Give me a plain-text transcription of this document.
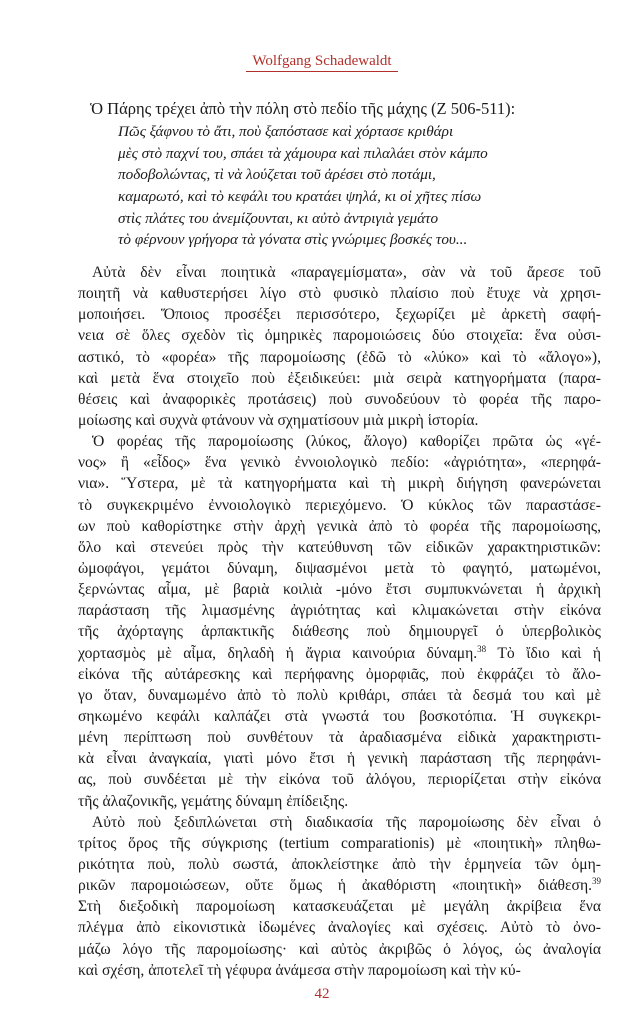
Wolfgang Schadewaldt
Ὁ Πάρης τρέχει ἀπὸ τὴν πόλη στὸ πεδίο τῆς μάχης (Ζ 506-511):
Πῶς ξάφνου τὸ ἄτι, ποὺ ξαπόστασε καὶ χόρτασε κριθάρι
μὲς στὸ παχνί του, σπάει τὰ χάμουρα καὶ πιλαλάει στὸν κάμπο
ποδοβολώντας, τὶ νὰ λούζεται τοῦ ἀρέσει στὸ ποτάμι,
καμαρωτό, καὶ τὸ κεφάλι του κρατάει ψηλά, κι οἱ χῆτες πίσω
στὶς πλάτες του ἀνεμίζουνται, κι αὐτὸ ἀντριγιὰ γεμάτο
τὸ φέρνουν γρήγορα τὰ γόνατα στὶς γνώριμες βοσκές του...
Αὐτὰ δὲν εἶναι ποιητικὰ «παραγεμίσματα», σὰν νὰ τοῦ ἄρεσε τοῦ
ποιητῆ νὰ καθυστερήσει λίγο στὸ φυσικὸ πλαίσιο ποὺ ἔτυχε νὰ χρησι-
μοποιήσει. Ὅποιος προσέξει περισσότερο, ξεχωρίζει μὲ ἀρκετὴ σαφή-
νεια σὲ ὅλες σχεδὸν τὶς ὁμηρικὲς παρομοιώσεις δύο στοιχεῖα: ἕνα οὐσι-
αστικό, τὸ «φορέα» τῆς παρομοίωσης (ἐδῶ τὸ «λύκο» καὶ τὸ «ἄλογο»),
καὶ μετὰ ἕνα στοιχεῖο ποὺ ἐξειδικεύει: μιὰ σειρὰ κατηγορήματα (παρα-
θέσεις καὶ ἀναφορικὲς προτάσεις) ποὺ συνοδεύουν τὸ φορέα τῆς παρο-
μοίωσης καὶ συχνὰ φτάνουν νὰ σχηματίσουν μιὰ μικρὴ ἱστορία.
Ὁ φορέας τῆς παρομοίωσης (λύκος, ἄλογο) καθορίζει πρῶτα ὡς «γέ-
νος» ἢ «εἶδος» ἕνα γενικὸ ἐννοιολογικὸ πεδίο: «ἀγριότητα», «περηφά-
νια». Ὕστερα, μὲ τὰ κατηγορήματα καὶ τὴ μικρὴ διήγηση φανερώνεται
τὸ συγκεκριμένο ἐννοιολογικὸ περιεχόμενο. Ὁ κύκλος τῶν παραστάσε-
ων ποὺ καθορίστηκε στὴν ἀρχὴ γενικὰ ἀπὸ τὸ φορέα τῆς παρομοίωσης,
ὅλο καὶ στενεύει πρὸς τὴν κατεύθυνση τῶν εἰδικῶν χαρακτηριστικῶν:
ὠμοφάγοι, γεμάτοι δύναμη, διψασμένοι μετὰ τὸ φαγητό, ματωμένοι,
ξερνώντας αἷμα, μὲ βαριὰ κοιλιὰ -μόνο ἔτσι συμπυκνώνεται ἡ ἀρχικὴ
παράσταση τῆς λιμασμένης ἀγριότητας καὶ κλιμακώνεται στὴν εἰκόνα
τῆς ἀχόρταγης ἁρπακτικῆς διάθεσης ποὺ δημιουργεῖ ὁ ὑπερβολικὸς
χορτασμὸς μὲ αἷμα, δηλαδὴ ἡ ἄγρια καινούρια δύναμη.$^{38}$ Τὸ ἴδιο καὶ ἡ
εἰκόνα τῆς αὐτάρεσκης καὶ περήφανης ὀμορφιᾶς, ποὺ ἐκφράζει τὸ ἄλο-
γο ὅταν, δυναμωμένο ἀπὸ τὸ πολὺ κριθάρι, σπάει τὰ δεσμά του καὶ μὲ
σηκωμένο κεφάλι καλπάζει στὰ γνωστά του βοσκοτόπια. Ἡ συγκεκρι-
μένη περίπτωση ποὺ συνθέτουν τὰ ἀραδιασμένα εἰδικὰ χαρακτηριστι-
κὰ εἶναι ἀναγκαία, γιατὶ μόνο ἔτσι ἡ γενικὴ παράσταση τῆς περηφάνι-
ας, ποὺ συνδέεται μὲ τὴν εἰκόνα τοῦ ἀλόγου, περιορίζεται στὴν εἰκόνα
τῆς ἀλαζονικῆς, γεμάτης δύναμη ἐπίδειξης.
Αὐτὸ ποὺ ξεδιπλώνεται στὴ διαδικασία τῆς παρομοίωσης δὲν εἶναι ὁ
τρίτος ὅρος τῆς σύγκρισης (tertium comparationis) μὲ «ποιητικὴ» πληθω-
ρικότητα ποὺ, πολὺ σωστά, ἀποκλείστηκε ἀπὸ τὴν ἑρμηνεία τῶν ὁμη-
ρικῶν παρομοιώσεων, οὔτε ὅμως ἡ ἀκαθόριστη «ποιητικὴ» διάθεση.$^{39}$
Στὴ διεξοδικὴ παρομοίωση κατασκευάζεται μὲ μεγάλη ἀκρίβεια ἕνα
πλέγμα ἀπὸ εἰκονιστικὰ ἰδωμένες ἀναλογίες καὶ σχέσεις. Αὐτὸ τὸ ὀνο-
μάζω λόγο τῆς παρομοίωσης· καὶ αὐτὸς ἀκριβῶς ὁ λόγος, ὡς ἀναλογία
καὶ σχέση, ἀποτελεῖ τὴ γέφυρα ἀνάμεσα στὴν παρομοίωση καὶ τὴν κύ-
42
